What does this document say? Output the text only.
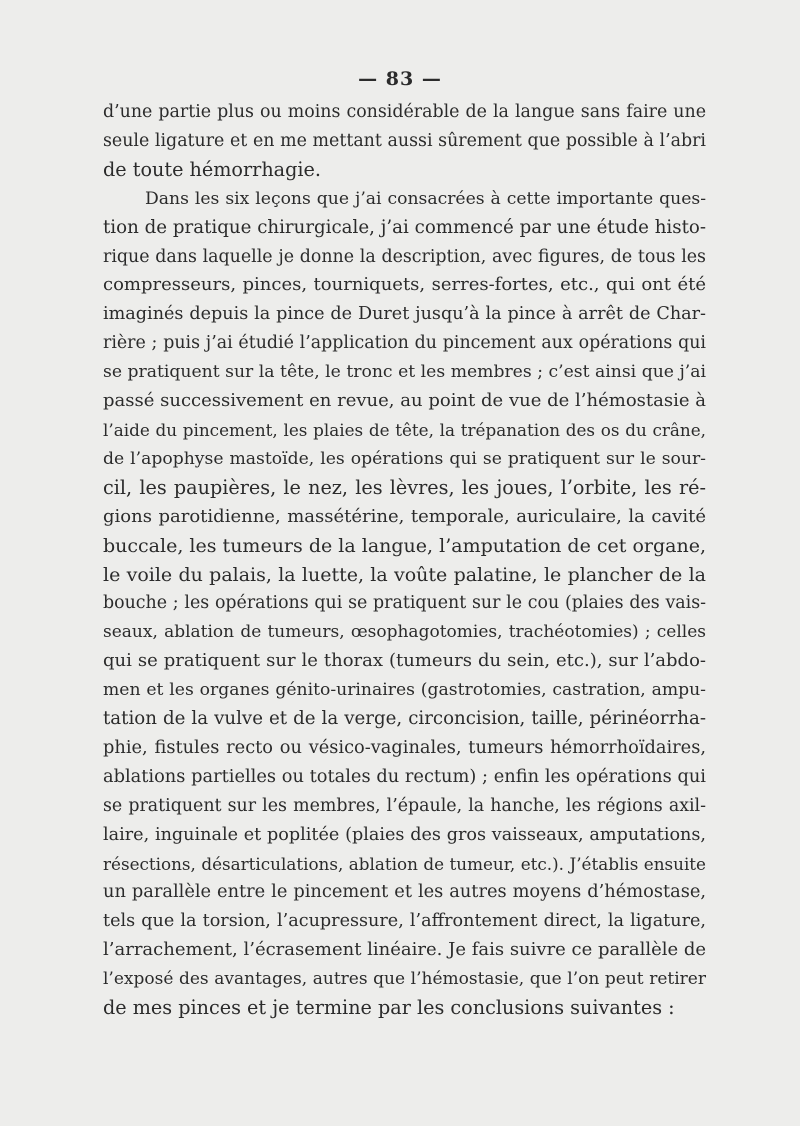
— 83 —
d’une partie plus ou moins considérable de la langue sans faire une
seule ligature et en me mettant aussi sûrement que possible à l’abri
de toute hémorrhagie.
Dans les six leçons que j’ai consacrées à cette importante ques-
tion de pratique chirurgicale, j’ai commencé par une étude histo-
rique dans laquelle je donne la description, avec figures, de tous les
compresseurs, pinces, tourniquets, serres-fortes, etc., qui ont été
imaginés depuis la pince de Duret jusqu’à la pince à arrêt de Char-
rière ; puis j’ai étudié l’application du pincement aux opérations qui
se pratiquent sur la tête, le tronc et les membres ; c’est ainsi que j’ai
passé successivement en revue, au point de vue de l’hémostasie à
l’aide du pincement, les plaies de tête, la trépanation des os du crâne,
de l’apophyse mastoïde, les opérations qui se pratiquent sur le sour-
cil, les paupières, le nez, les lèvres, les joues, l’orbite, les ré-
gions parotidienne, massétérine, temporale, auriculaire, la cavité
buccale, les tumeurs de la langue, l’amputation de cet organe,
le voile du palais, la luette, la voûte palatine, le plancher de la
bouche ; les opérations qui se pratiquent sur le cou (plaies des vais-
seaux, ablation de tumeurs, œsophagotomies, trachéotomies) ; celles
qui se pratiquent sur le thorax (tumeurs du sein, etc.), sur l’abdo-
men et les organes génito-urinaires (gastrotomies, castration, ampu-
tation de la vulve et de la verge, circoncision, taille, périnéorrha-
phie, fistules recto ou vésico-vaginales, tumeurs hémorrhoïdaires,
ablations partielles ou totales du rectum) ; enfin les opérations qui
se pratiquent sur les membres, l’épaule, la hanche, les régions axil-
laire, inguinale et poplitée (plaies des gros vaisseaux, amputations,
résections, désarticulations, ablation de tumeur, etc.). J’établis ensuite
un parallèle entre le pincement et les autres moyens d’hémostase,
tels que la torsion, l’acupressure, l’affrontement direct, la ligature,
l’arrachement, l’écrasement linéaire. Je fais suivre ce parallèle de
l’exposé des avantages, autres que l’hémostasie, que l’on peut retirer
de mes pinces et je termine par les conclusions suivantes :
